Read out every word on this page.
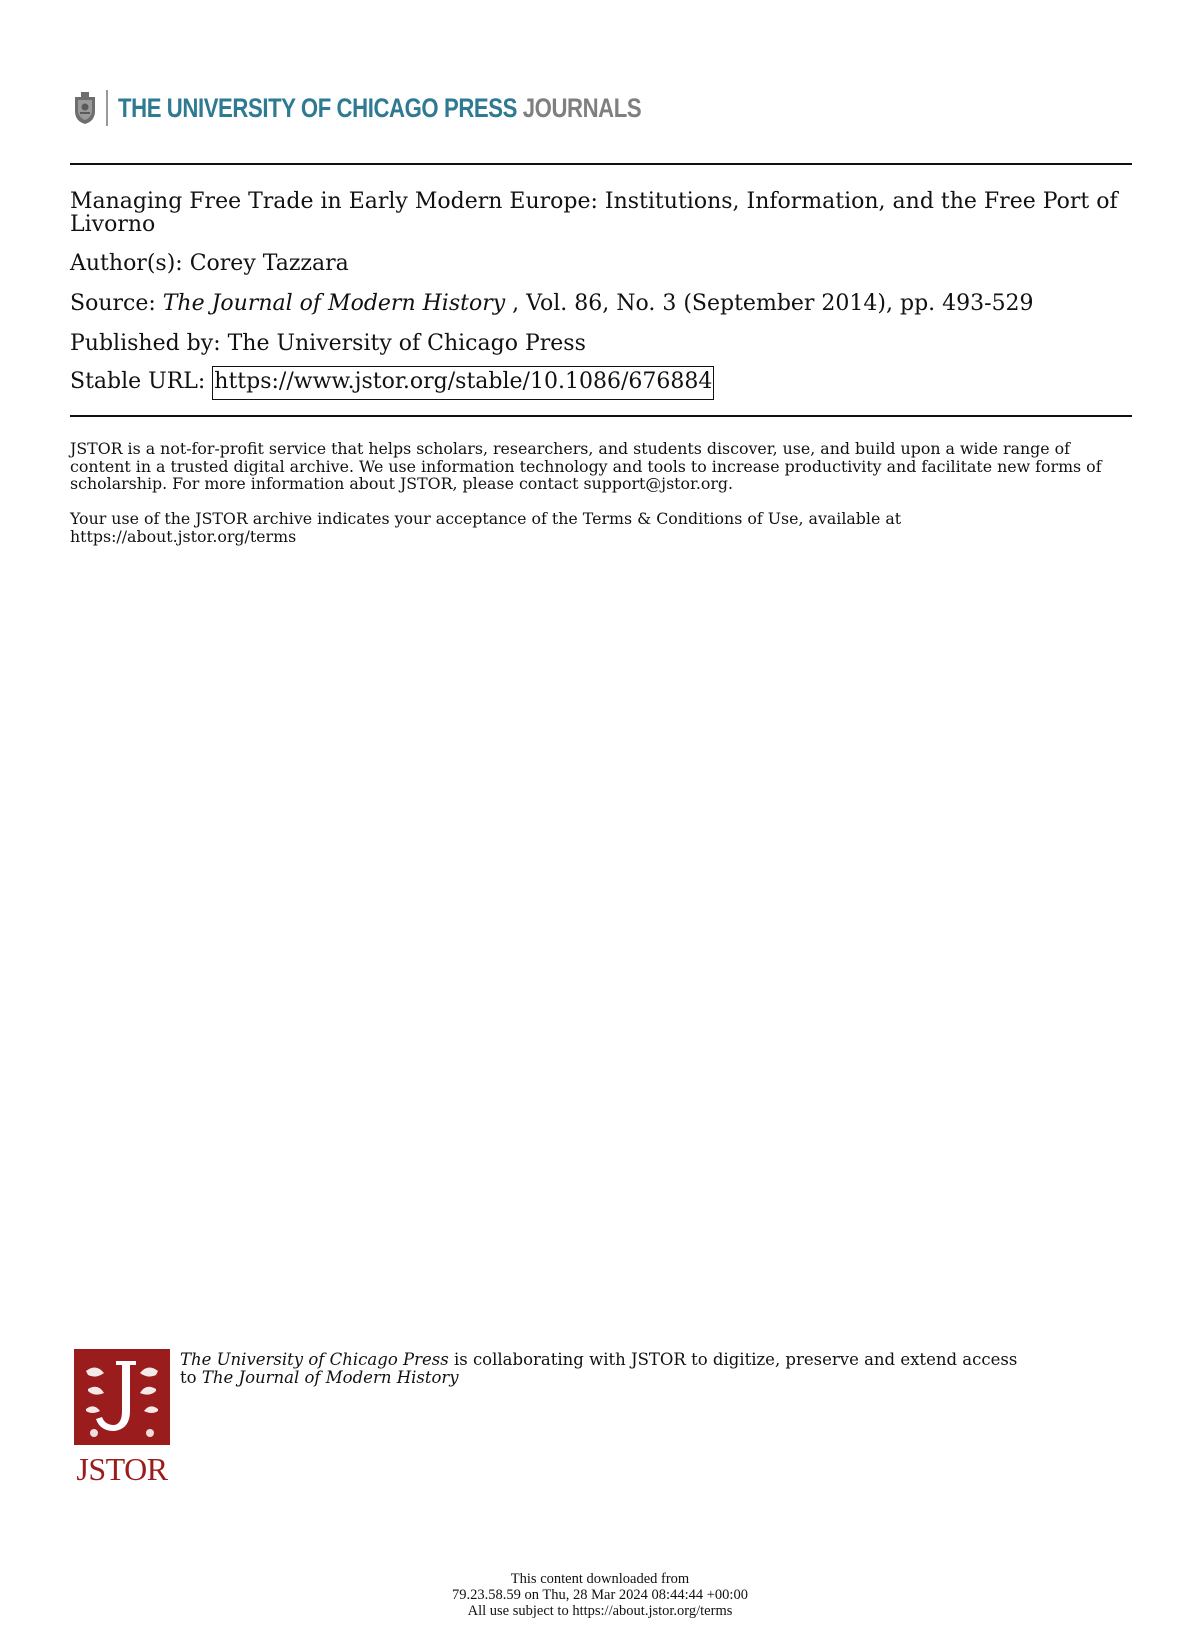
THE UNIVERSITY OF CHICAGO PRESS JOURNALS
Managing Free Trade in Early Modern Europe: Institutions, Information, and the Free Port of Livorno

Author(s): Corey Tazzara

Source: The Journal of Modern History , Vol. 86, No. 3 (September 2014), pp. 493-529

Published by: The University of Chicago Press

Stable URL: https://www.jstor.org/stable/10.1086/676884

JSTOR is a not-for-profit service that helps scholars, researchers, and students discover, use, and build upon a wide range of content in a trusted digital archive. We use information technology and tools to increase productivity and facilitate new forms of scholarship. For more information about JSTOR, please contact support@jstor.org.
Your use of the JSTOR archive indicates your acceptance of the Terms & Conditions of Use, available at
https://about.jstor.org/terms
JSTOR
The University of Chicago Press is collaborating with JSTOR to digitize, preserve and extend access
to The Journal of Modern History
This content downloaded from
79.23.58.59 on Thu, 28 Mar 2024 08:44:44 +00:00
All use subject to https://about.jstor.org/terms
